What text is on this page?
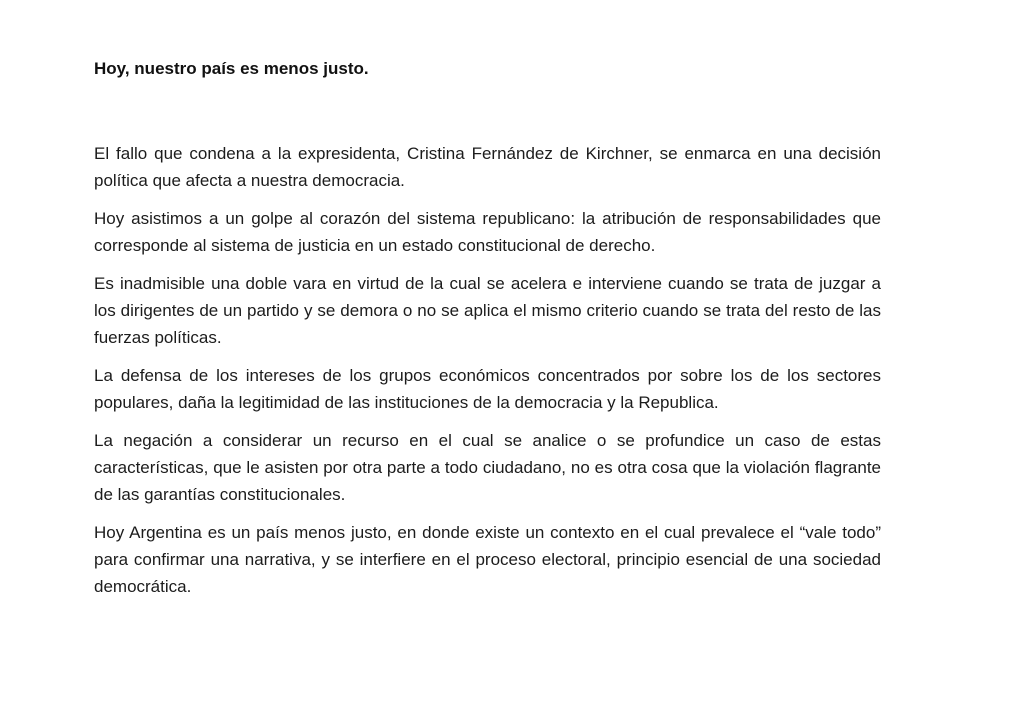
Hoy, nuestro país es menos justo.

El fallo que condena a la expresidenta, Cristina Fernández de Kirchner, se enmarca en una decisión política que afecta a nuestra democracia.

Hoy asistimos a un golpe al corazón del sistema republicano: la atribución de responsabilidades que corresponde al sistema de justicia en un estado constitucional de derecho.

Es inadmisible una doble vara en virtud de la cual se acelera e interviene cuando se trata de juzgar a los dirigentes de un partido y se demora o no se aplica el mismo criterio cuando se trata del resto de las fuerzas políticas.

La defensa de los intereses de los grupos económicos concentrados por sobre los de los sectores populares, daña la legitimidad de las instituciones de la democracia y la Republica.

La negación a considerar un recurso en el cual se analice o se profundice un caso de estas características, que le asisten por otra parte a todo ciudadano, no es otra cosa que la violación flagrante de las garantías constitucionales.

Hoy Argentina es un país menos justo, en donde existe un contexto en el cual prevalece el “vale todo” para confirmar una narrativa, y se interfiere en el proceso electoral, principio esencial de una sociedad democrática.
